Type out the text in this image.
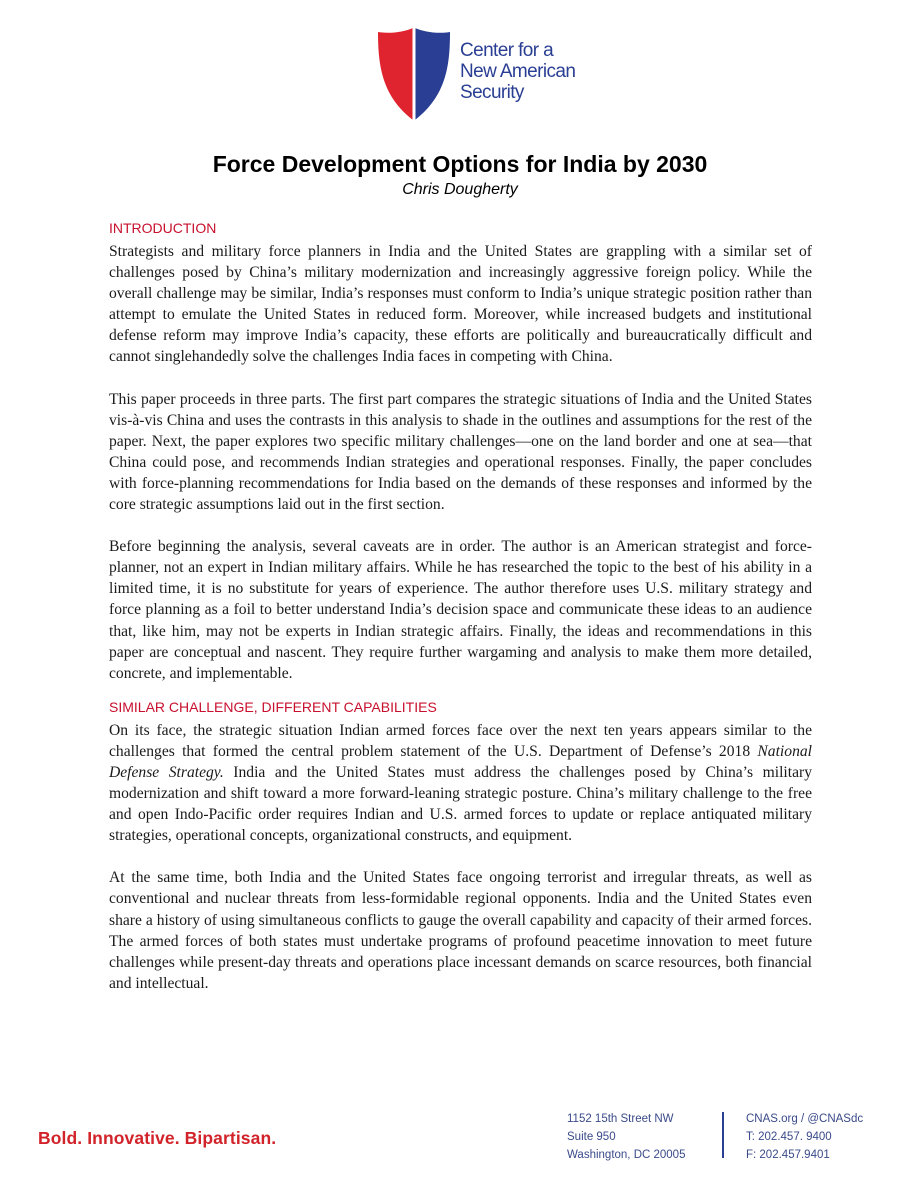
Center for a
New American
Security
Force Development Options for India by 2030
Chris Dougherty
INTRODUCTION

Strategists and military force planners in India and the United States are grappling with a similar set of challenges posed by China’s military modernization and increasingly aggressive foreign policy. While the overall challenge may be similar, India’s responses must conform to India’s unique strategic position rather than attempt to emulate the United States in reduced form. Moreover, while increased budgets and institutional defense reform may improve India’s capacity, these efforts are politically and bureaucratically difficult and cannot singlehandedly solve the challenges India faces in competing with China.

This paper proceeds in three parts. The first part compares the strategic situations of India and the United States vis-à-vis China and uses the contrasts in this analysis to shade in the outlines and assumptions for the rest of the paper. Next, the paper explores two specific military challenges—one on the land border and one at sea—that China could pose, and recommends Indian strategies and operational responses. Finally, the paper concludes with force-planning recommendations for India based on the demands of these responses and informed by the core strategic assumptions laid out in the first section.

Before beginning the analysis, several caveats are in order. The author is an American strategist and force-planner, not an expert in Indian military affairs. While he has researched the topic to the best of his ability in a limited time, it is no substitute for years of experience. The author therefore uses U.S. military strategy and force planning as a foil to better understand India’s decision space and communicate these ideas to an audience that, like him, may not be experts in Indian strategic affairs. Finally, the ideas and recommendations in this paper are conceptual and nascent. They require further wargaming and analysis to make them more detailed, concrete, and implementable.

SIMILAR CHALLENGE, DIFFERENT CAPABILITIES

On its face, the strategic situation Indian armed forces face over the next ten years appears similar to the challenges that formed the central problem statement of the U.S. Department of Defense’s 2018 National Defense Strategy. India and the United States must address the challenges posed by China’s military modernization and shift toward a more forward-leaning strategic posture. China’s military challenge to the free and open Indo-Pacific order requires Indian and U.S. armed forces to update or replace antiquated military strategies, operational concepts, organizational constructs, and equipment.

At the same time, both India and the United States face ongoing terrorist and irregular threats, as well as conventional and nuclear threats from less-formidable regional opponents. India and the United States even share a history of using simultaneous conflicts to gauge the overall capability and capacity of their armed forces. The armed forces of both states must undertake programs of profound peacetime innovation to meet future challenges while present-day threats and operations place incessant demands on scarce resources, both financial and intellectual.

Bold. Innovative. Bipartisan.
1152 15th Street NW
Suite 950
Washington, DC 20005
CNAS.org / @CNASdc
T: 202.457. 9400
F: 202.457.9401
